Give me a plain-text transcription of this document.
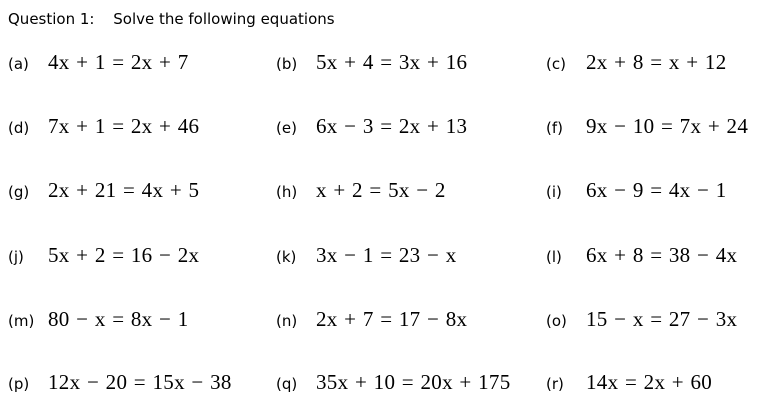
Question 1: Solve the following equations
(a) 4x + 1 = 2x + 7	(b) 5x + 4 = 3x + 16	(c) 2x + 8 = x + 12
(d) 7x + 1 = 2x + 46	(e) 6x − 3 = 2x + 13	(f)	9x − 10 = 7x + 24
(g) 2x + 21 = 4x + 5	(h) x + 2 = 5x − 2	(i)	6x − 9 = 4x − 1
(j)	5x + 2 = 16 − 2x	(k) 3x − 1 = 23 − x	(l)	6x + 8 = 38 − 4x
(m) 80 − x = 8x − 1	(n) 2x + 7 = 17 − 8x	(o) 15 − x = 27 − 3x
(p) 12x − 20 = 15x − 38	(q) 35x + 10 = 20x + 175 (r)	14x = 2x + 60
